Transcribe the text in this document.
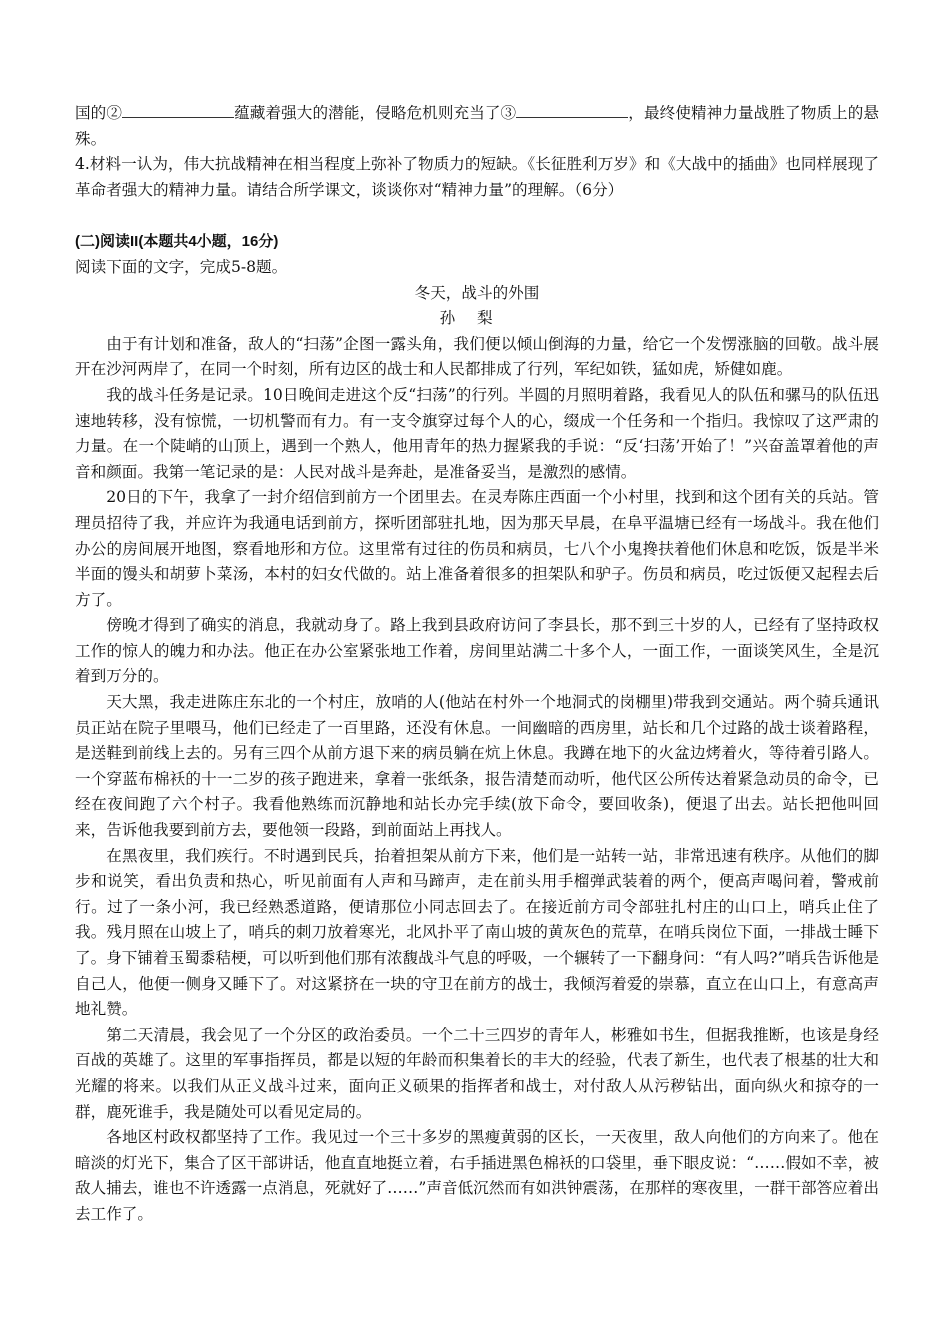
国的②	蕴藏着强大的潜能，侵略危机则充当了③	，最终使精神力量战胜了物质上的悬殊。

4.材料一认为，伟大抗战精神在相当程度上弥补了物质力的短缺。《长征胜利万岁》和《大战中的插曲》也同样展现了革命者强大的精神力量。请结合所学课文，谈谈你对“精神力量”的理解。（6分）

(二)阅读II(本题共4小题，16分)

阅读下面的文字，完成5-8题。

冬天，战斗的外围

孙梨

由于有计划和准备，敌人的“扫荡”企图一露头角，我们便以倾山倒海的力量，给它一个发愣涨脑的回敬。战斗展开在沙河两岸了，在同一个时刻，所有边区的战士和人民都排成了行列，军纪如铁，猛如虎，矫健如鹿。

我的战斗任务是记录。10日晚间走进这个反“扫荡”的行列。半圆的月照明着路，我看见人的队伍和骡马的队伍迅速地转移，没有惊慌，一切机警而有力。有一支令旗穿过每个人的心，缀成一个任务和一个指归。我惊叹了这严肃的力量。在一个陡峭的山顶上，遇到一个熟人，他用青年的热力握紧我的手说：“反‘扫荡’开始了！”兴奋盖罩着他的声音和颜面。我第一笔记录的是：人民对战斗是奔赴，是准备妥当，是激烈的感情。

20日的下午，我拿了一封介绍信到前方一个团里去。在灵寿陈庄西面一个小村里，找到和这个团有关的兵站。管理员招待了我，并应许为我通电话到前方，探听团部驻扎地，因为那天早晨，在阜平温塘已经有一场战斗。我在他们办公的房间展开地图，察看地形和方位。这里常有过往的伤员和病员，七八个小鬼搀扶着他们休息和吃饭，饭是半米半面的馒头和胡萝卜菜汤，本村的妇女代做的。站上准备着很多的担架队和驴子。伤员和病员，吃过饭便又起程去后方了。

傍晚才得到了确实的消息，我就动身了。路上我到县政府访问了李县长，那不到三十岁的人，已经有了坚持政权工作的惊人的魄力和办法。他正在办公室紧张地工作着，房间里站满二十多个人，一面工作，一面谈笑风生，全是沉着到万分的。

天大黑，我走进陈庄东北的一个村庄，放哨的人(他站在村外一个地洞式的岗棚里)带我到交通站。两个骑兵通讯员正站在院子里喂马，他们已经走了一百里路，还没有休息。一间幽暗的西房里，站长和几个过路的战士谈着路程，是送鞋到前线上去的。另有三四个从前方退下来的病员躺在炕上休息。我蹲在地下的火盆边烤着火，等待着引路人。一个穿蓝布棉袄的十一二岁的孩子跑进来，拿着一张纸条，报告清楚而动听，他代区公所传达着紧急动员的命令，已经在夜间跑了六个村子。我看他熟练而沉静地和站长办完手续(放下命令，要回收条)，便退了出去。站长把他叫回来，告诉他我要到前方去，要他领一段路，到前面站上再找人。

在黑夜里，我们疾行。不时遇到民兵，抬着担架从前方下来，他们是一站转一站，非常迅速有秩序。从他们的脚步和说笑，看出负责和热心，听见前面有人声和马蹄声，走在前头用手榴弹武装着的两个，便高声喝问着，警戒前行。过了一条小河，我已经熟悉道路，便请那位小同志回去了。在接近前方司令部驻扎村庄的山口上，哨兵止住了我。残月照在山坡上了，哨兵的刺刀放着寒光，北风扑平了南山坡的黄灰色的荒草，在哨兵岗位下面，一排战士睡下了。身下铺着玉蜀黍秸梗，可以听到他们那有浓馥战斗气息的呼吸，一个辗转了一下翻身问：“有人吗?”哨兵告诉他是自己人，他便一侧身又睡下了。对这紧挤在一块的守卫在前方的战士，我倾泻着爱的崇慕，直立在山口上，有意高声地礼赞。

第二天清晨，我会见了一个分区的政治委员。一个二十三四岁的青年人，彬雅如书生，但据我推断，也该是身经百战的英雄了。这里的军事指挥员，都是以短的年龄而积集着长的丰大的经验，代表了新生，也代表了根基的壮大和光耀的将来。以我们从正义战斗过来，面向正义硕果的指挥者和战士，对付敌人从污秽钻出，面向纵火和掠夺的一群，鹿死谁手，我是随处可以看见定局的。

各地区村政权都坚持了工作。我见过一个三十多岁的黑瘦黄弱的区长，一天夜里，敌人向他们的方向来了。他在暗淡的灯光下，集合了区干部讲话，他直直地挺立着，右手插进黑色棉袄的口袋里，垂下眼皮说：“……假如不幸，被敌人捕去，谁也不许透露一点消息，死就好了……”声音低沉然而有如洪钟震荡，在那样的寒夜里，一群干部答应着出去工作了。
